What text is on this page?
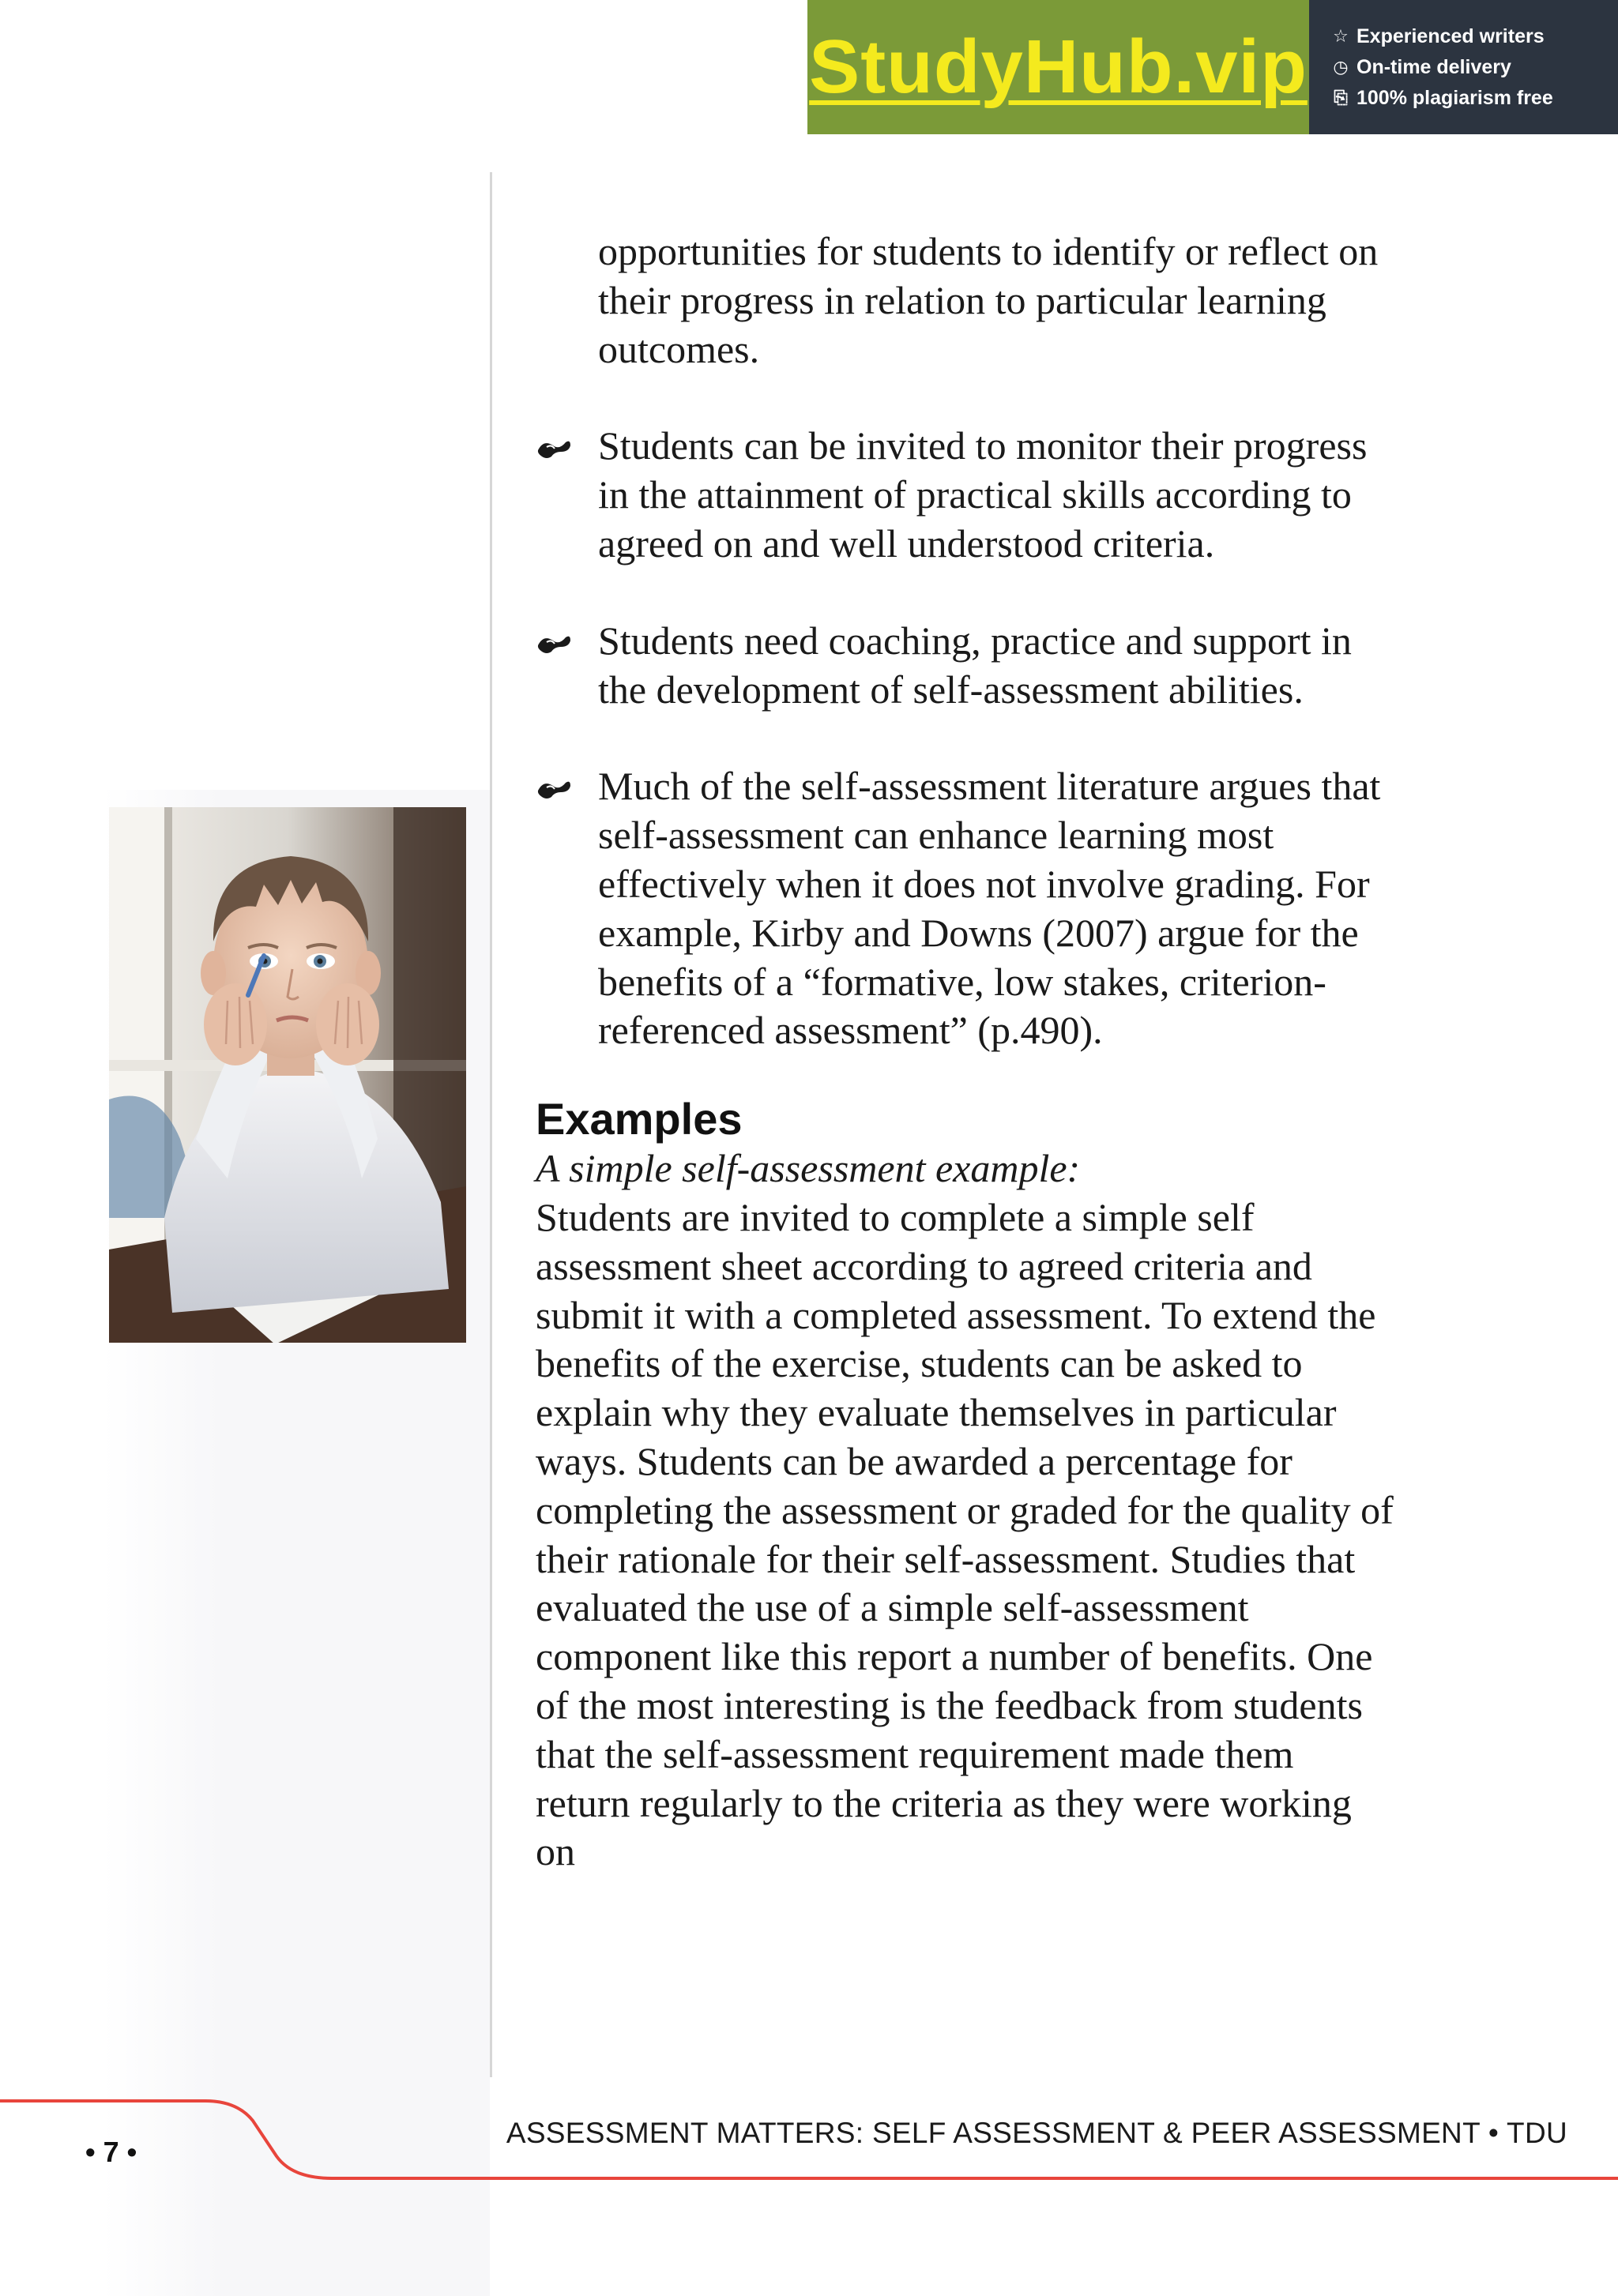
StudyHub.vip ☆ Experienced writers
◷ On-time delivery
⎘ 100% plagiarism free

opportunities for students to identify or reflect on their progress in relation to particular learning outcomes.

Students can be invited to monitor their progress in the attainment of practical skills according to agreed on and well understood criteria.
Students need coaching, practice and support in the development of self-assessment abilities.
Much of the self-assessment literature argues that self-assessment can enhance learning most effectively when it does not involve grading. For example, Kirby and Downs (2007) argue for the benefits of a “formative, low stakes, criterion-referenced assessment” (p.490).
Examples

A simple self-assessment example:

Students are invited to complete a simple self assessment sheet according to agreed criteria and submit it with a completed assessment. To extend the benefits of the exercise, students can be asked to explain why they evaluate themselves in particular ways. Students can be awarded a percentage for completing the assessment or graded for the quality of their rationale for their self-assessment. Studies that evaluated the use of a simple self-assessment component like this report a number of benefits. One of the most interesting is the feedback from students that the self-assessment requirement made them return regularly to the criteria as they were working on

• 7 •
ASSESSMENT MATTERS: SELF ASSESSMENT & PEER ASSESSMENT • TDU
